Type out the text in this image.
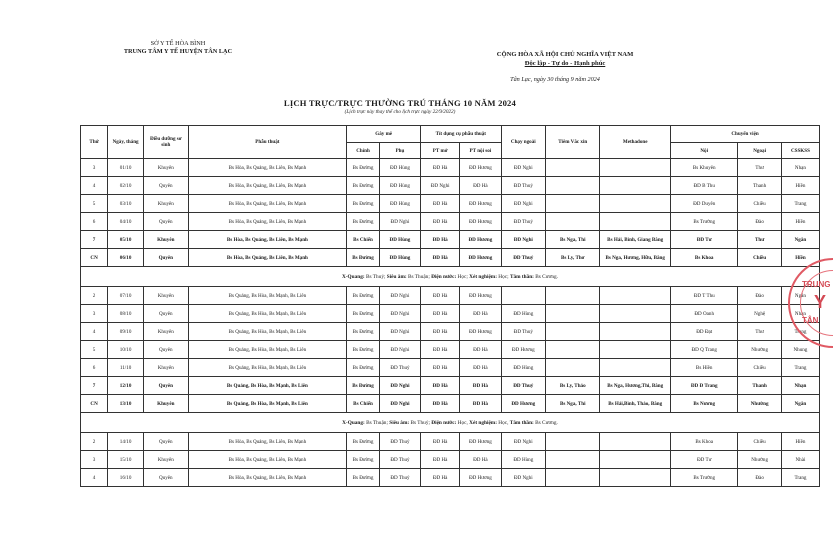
SỞ Y TẾ HÒA BÌNH
TRUNG TÂM Y TẾ HUYỆN TÂN LẠC	CỘNG HÒA XÃ HỘI CHỦ NGHĨA VIỆT NAM
Độc lập - Tự do - Hạnh phúc
Tân Lạc, ngày 30 tháng 9 năm 2024
LỊCH TRỰC/TRỰC THƯỜNG TRÚ THÁNG 10 NĂM 2024
(Lịch trực này thay thế cho lịch trực ngày 22/9/2022)
Thứ	Ngày, tháng	Điều dưỡng sơ sinh	Phẫu thuật	Gây mê		Tít dụng cụ phẫu thuật		Chạy ngoài	Tiêm Vắc xin	Methadone	Chuyển viện		
				Chính	Phụ	PT mở	PT nội soi				Nội	Ngoại	CSSKSS
3	01/10	Khuyên	Bs Hòa, Bs Quảng, Bs Liên, Bs Mạnh	Bs Đường	ĐD Hùng	ĐD Hà	ĐD Hương	ĐD Nghi			Bs Khuyên	Thư	Nhạn
4	02/10	Quyên	Bs Hòa, Bs Quảng, Bs Liên, Bs Mạnh	Bs Đường	ĐD Hùng	ĐD Nghi	ĐD Hà	ĐD Thuỷ			ĐD B Thu	Thanh	Hiền
5	03/10	Khuyên	Bs Hòa, Bs Quảng, Bs Liên, Bs Mạnh	Bs Đường	ĐD Hùng	ĐD Hà	ĐD Hương	ĐD Nghi			ĐD Duyên	Chiều	Trang
6	04/10	Quyên	Bs Hòa, Bs Quảng, Bs Liên, Bs Mạnh	Bs Đường	ĐD Nghi	ĐD Hà	ĐD Hương	ĐD Thuỷ			Bs Trường	Đào	Hiền
7	05/10	Khuyên	Bs Hòa, Bs Quảng, Bs Liên, Bs Mạnh	Bs Chiến	ĐD Hùng	ĐD Hà	ĐD Hương	ĐD Nghi	Bs Nga, Thi	Bs Hải, Bình, Giang Bằng	ĐD Tư	Thư	Ngân
CN	06/10	Quyên	Bs Hòa, Bs Quảng, Bs Liên, Bs Mạnh	Bs Đường	ĐD Hùng	ĐD Hà	ĐD Hương	ĐD Thuỷ	Bs Ly, Thơ	Bs Nga, Hương, Hữu, Bằng	Bs Khoa	Chiều	Hiền
X-Quang: Bs Thuỷ; Siêu âm: Bs Thuận; Điện nước: Học; Xét nghiệm: Học; Tâm thần: Bs Cương.													
2	07/10	Khuyên	Bs Quảng, Bs Hòa, Bs Mạnh, Bs Liên	Bs Đường	ĐD Nghi	ĐD Hà	ĐD Hương				ĐD T Thu	Đào	Ngân
3	08/10	Quyên	Bs Quảng, Bs Hòa, Bs Mạnh, Bs Liên	Bs Đường	ĐD Nghi	ĐD Hà	ĐD Hà	ĐD Hùng			ĐD Oanh	Nghệ	Nhạn
4	09/10	Khuyên	Bs Quảng, Bs Hòa, Bs Mạnh, Bs Liên	Bs Đường	ĐD Nghi	ĐD Hà	ĐD Hương	ĐD Thuỷ			ĐD Đạt	Thư	Trang
5	10/10	Quyên	Bs Quảng, Bs Hòa, Bs Mạnh, Bs Liên	Bs Đường	ĐD Nghi	ĐD Hà	ĐD Hà	ĐD Hương			ĐD Q Trang	Nhường	Nhung
6	11/10	Khuyên	Bs Quảng, Bs Hòa, Bs Mạnh, Bs Liên	Bs Đường	ĐD Thuỷ	ĐD Hà	ĐD Hà	ĐD Hùng			Bs Hiền	Chiều	Trang
7	12/10	Quyên	Bs Quảng, Bs Hòa, Bs Mạnh, Bs Liên	Bs Đường	ĐD Nghi	ĐD Hà	ĐD Hà	ĐD Thuỷ	Bs Ly, Thảo	Bs Nga, Hương,Thi, Bằng	ĐD Đ Trang	Thanh	Nhạn
CN	13/10	Khuyên	Bs Quảng, Bs Hòa, Bs Mạnh, Bs Liên	Bs Chiến	ĐD Nghi	ĐD Hà	ĐD Hà	ĐD Hương	Bs Nga, Thi	Bs Hải,Bình, Thảo, Bằng	Bs Nương	Nhường	Ngân
X-Quang: Bs Thuận; Siêu âm: Bs Thuỷ; Điện nước: Học, Xét nghiệm: Học, Tâm thần: Bs Cương.													
2	14/10	Quyên	Bs Hòa, Bs Quảng, Bs Liên, Bs Mạnh	Bs Đường	ĐD Thuỷ	ĐD Hà	ĐD Hương	ĐD Nghi			Bs Khoa	Chiều	Hiền
3	15/10	Khuyên	Bs Hòa, Bs Quảng, Bs Liên, Bs Mạnh	Bs Đường	ĐD Thuỷ	ĐD Hà	ĐD Hà	ĐD Hùng			ĐD Tư	Nhường	Nhài
4	16/10	Quyên	Bs Hòa, Bs Quảng, Bs Liên, Bs Mạnh	Bs Đường	ĐD Thuỷ	ĐD Hà	ĐD Hương	ĐD Nghi			Bs Trường	Đào	Trang
TRUNG
Y
TÂN
